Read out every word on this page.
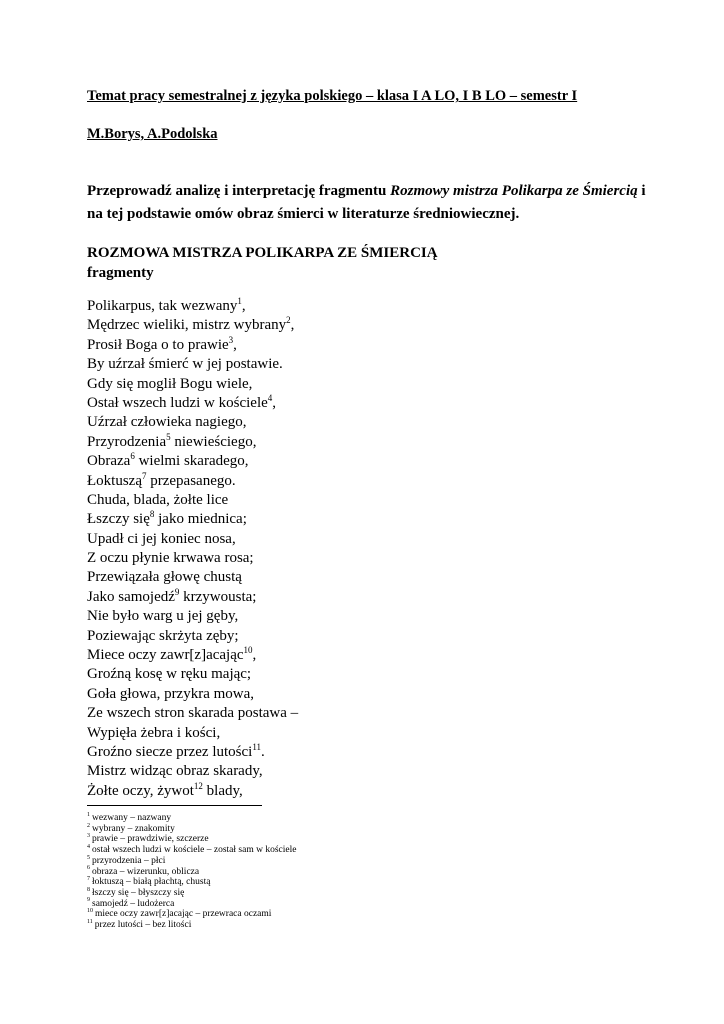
Temat pracy semestralnej z języka polskiego – klasa I A LO, I B LO – semestr I
M.Borys, A.Podolska
Przeprowadź analizę i interpretację fragmentu Rozmowy mistrza Polikarpa ze Śmiercią i na tej podstawie omów obraz śmierci w literaturze średniowiecznej.
ROZMOWA MISTRZA POLIKARPA ZE ŚMIERCIĄ
fragmenty
Polikarpus, tak wezwany$^1$,
Mędrzec wieliki, mistrz wybrany$^2$,
Prosił Boga o to prawie$^3$,
By uźrzał śmierć w jej postawie.
Gdy się moglił Bogu wiele,
Ostał wszech ludzi w kościele$^4$,
Uźrzał człowieka nagiego,
Przyrodzenia$^5$ niewieściego,
Obraza$^6$ wielmi skaradego,
Łoktuszą$^7$ przepasanego.
Chuda, blada, żołte lice
Łszczy się$^8$ jako miednica;
Upadł ci jej koniec nosa,
Z oczu płynie krwawa rosa;
Przewiązała głowę chustą
Jako samojedź$^9$ krzywousta;
Nie było warg u jej gęby,
Poziewając skrżyta zęby;
Miece oczy zawr[z]acając$^{10}$,
Groźną kosę w ręku mając;
Goła głowa, przykra mowa,
Ze wszech stron skarada postawa –
Wypięła żebra i kości,
Groźno siecze przez lutości$^{11}$.
Mistrz widząc obraz skarady,
Żołte oczy, żywot$^{12}$ blady,
$^1$ wezwany – nazwany
$^2$ wybrany – znakomity
$^3$ prawie – prawdziwie, szczerze
$^4$ ostał wszech ludzi w kościele – został sam w kościele
$^5$ przyrodzenia – płci
$^6$ obraza – wizerunku, oblicza
$^7$ łoktuszą – białą płachtą, chustą
$^8$ łszczy się – błyszczy się
$^9$ samojedź – ludożerca
$^{10}$ miece oczy zawr[z]acając – przewraca oczami
$^{11}$ przez lutości – bez litości
